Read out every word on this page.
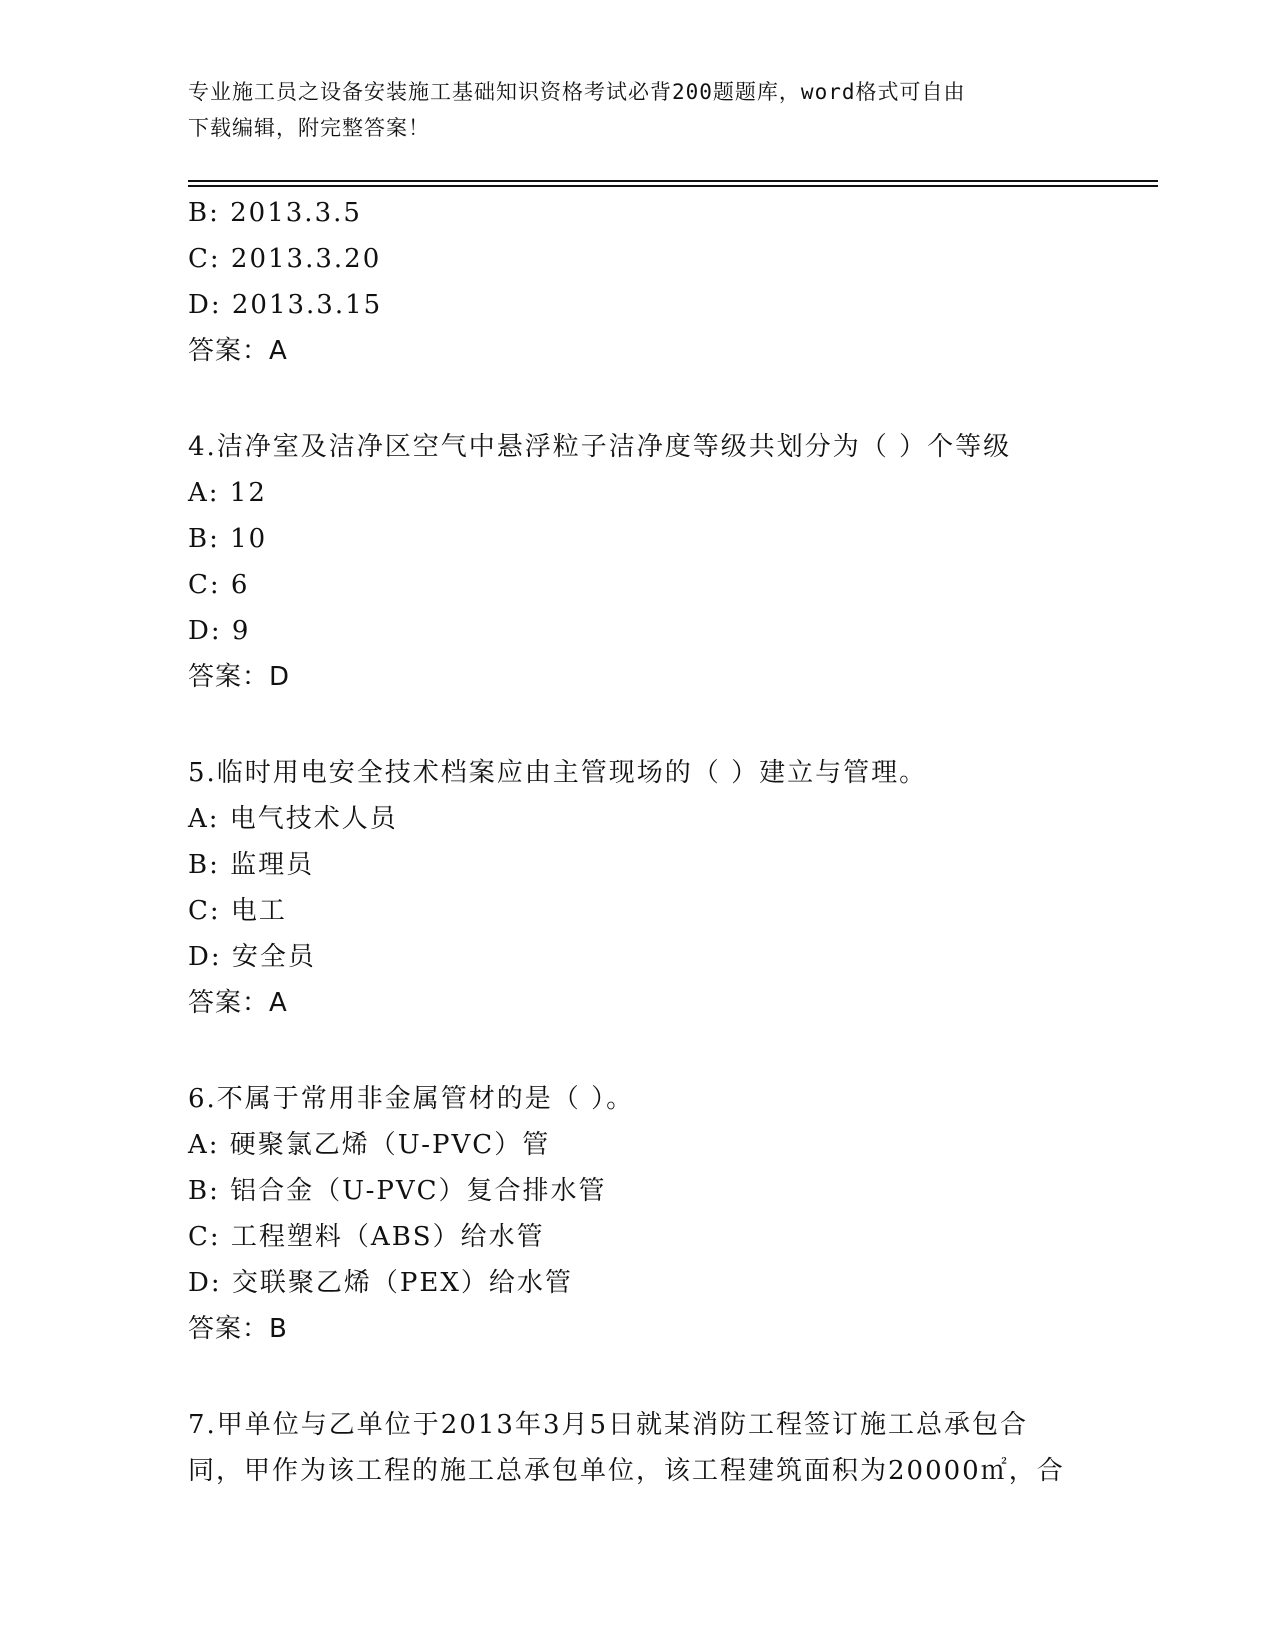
专业施工员之设备安装施工基础知识资格考试必背200题题库，word格式可自由
下载编辑，附完整答案！
B: 2013.3.5
C: 2013.3.20
D: 2013.3.15
答案：A
4.洁净室及洁净区空气中悬浮粒子洁净度等级共划分为（ ）个等级
A: 12
B: 10
C: 6
D: 9
答案：D
5.临时用电安全技术档案应由主管现场的（ ）建立与管理。
A: 电气技术人员
B: 监理员
C: 电工
D: 安全员
答案：A
6.不属于常用非金属管材的是（ ）。
A: 硬聚氯乙烯（U-PVC）管
B: 铝合金（U-PVC）复合排水管
C: 工程塑料（ABS）给水管
D: 交联聚乙烯（PEX）给水管
答案：B
7.甲单位与乙单位于2013年3月5日就某消防工程签订施工总承包合
同，甲作为该工程的施工总承包单位，该工程建筑面积为20000㎡，合
